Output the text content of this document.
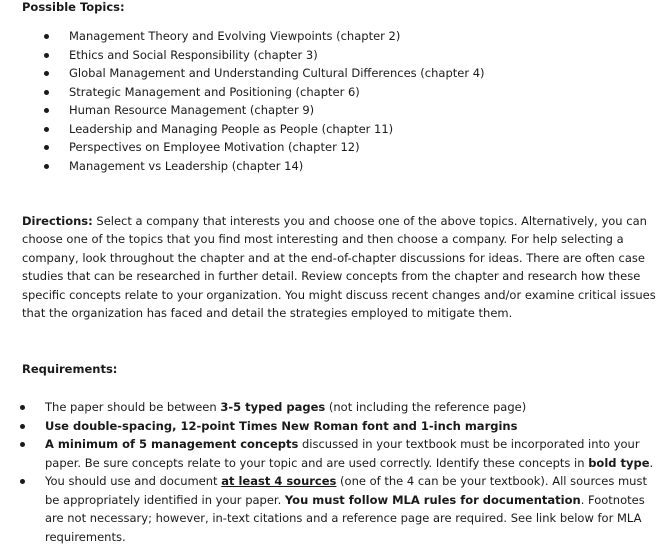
Possible Topics:
Management Theory and Evolving Viewpoints (chapter 2)
Ethics and Social Responsibility (chapter 3)
Global Management and Understanding Cultural Differences (chapter 4)
Strategic Management and Positioning (chapter 6)
Human Resource Management (chapter 9)
Leadership and Managing People as People (chapter 11)
Perspectives on Employee Motivation (chapter 12)
Management vs Leadership (chapter 14)

Directions: Select a company that interests you and choose one of the above topics. Alternatively, you can choose one of the topics that you find most interesting and then choose a company. For help selecting a company, look throughout the chapter and at the end-of-chapter discussions for ideas. There are often case studies that can be researched in further detail. Review concepts from the chapter and research how these specific concepts relate to your organization. You might discuss recent changes and/or examine critical issues that the organization has faced and detail the strategies employed to mitigate them.

Requirements:
The paper should be between 3-5 typed pages (not including the reference page)
Use double-spacing, 12-point Times New Roman font and 1-inch margins
A minimum of 5 management concepts discussed in your textbook must be incorporated into your paper. Be sure concepts relate to your topic and are used correctly. Identify these concepts in bold type.
You should use and document at least 4 sources (one of the 4 can be your textbook). All sources must be appropriately identified in your paper. You must follow MLA rules for documentation. Footnotes are not necessary; however, in-text citations and a reference page are required. See link below for MLA requirements.
